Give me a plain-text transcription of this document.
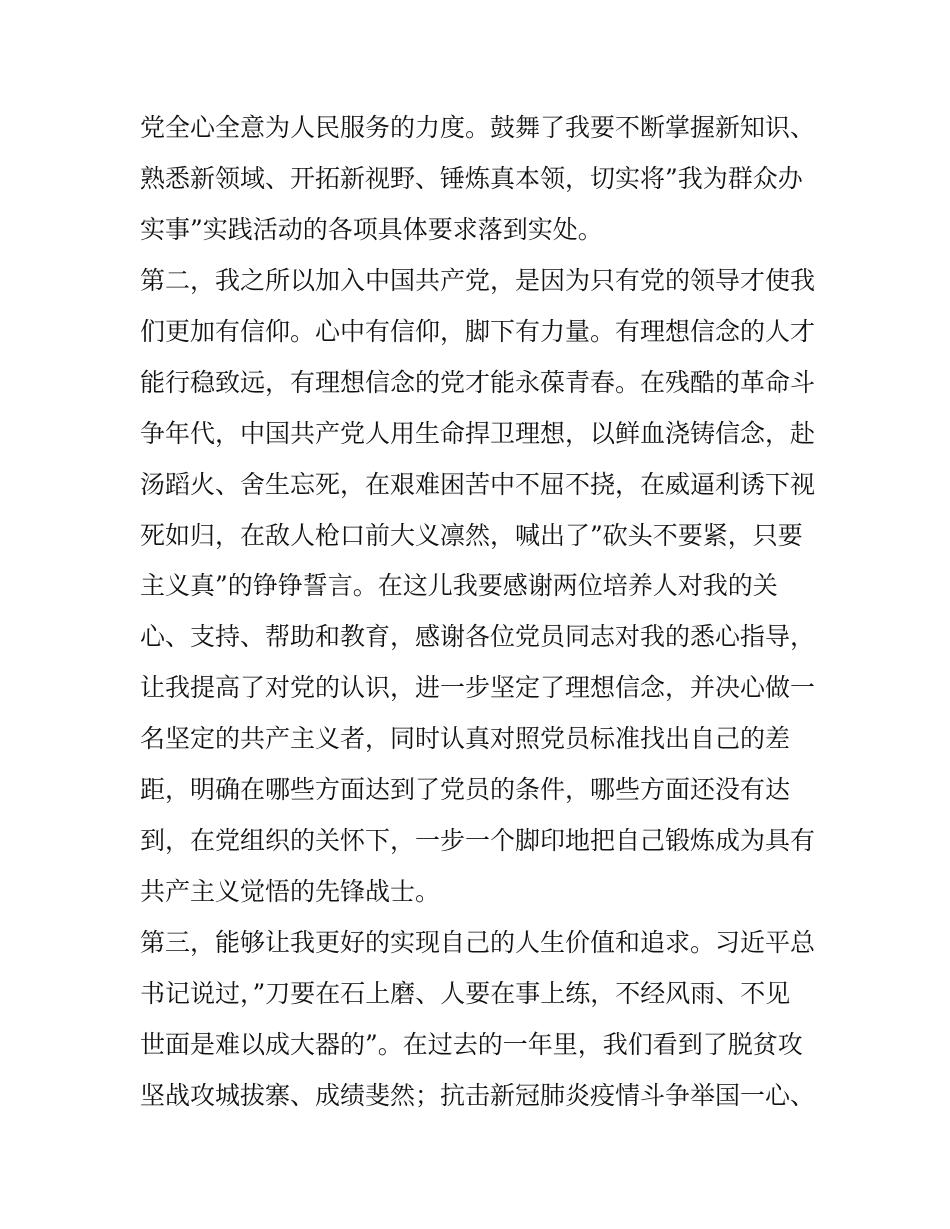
党全心全意为人民服务的力度。鼓舞了我要不断掌握新知识、
熟悉新领域、开拓新视野、锤炼真本领，切实将”我为群众办
实事”实践活动的各项具体要求落到实处。
第二，我之所以加入中国共产党，是因为只有党的领导才使我
们更加有信仰。心中有信仰，脚下有力量。有理想信念的人才
能行稳致远，有理想信念的党才能永葆青春。在残酷的革命斗
争年代，中国共产党人用生命捍卫理想，以鲜血浇铸信念，赴
汤蹈火、舍生忘死，在艰难困苦中不屈不挠，在威逼利诱下视
死如归，在敌人枪口前大义凛然，喊出了”砍头不要紧，只要
主义真”的铮铮誓言。在这儿我要感谢两位培养人对我的关
心、支持、帮助和教育，感谢各位党员同志对我的悉心指导，
让我提高了对党的认识，进一步坚定了理想信念，并决心做一
名坚定的共产主义者，同时认真对照党员标准找出自己的差
距，明确在哪些方面达到了党员的条件，哪些方面还没有达
到，在党组织的关怀下，一步一个脚印地把自己锻炼成为具有
共产主义觉悟的先锋战士。
第三，能够让我更好的实现自己的人生价值和追求。习近平总
书记说过，”刀要在石上磨、人要在事上练，不经风雨、不见
世面是难以成大器的”。在过去的一年里，我们看到了脱贫攻
坚战攻城拔寨、成绩斐然；抗击新冠肺炎疫情斗争举国一心、
